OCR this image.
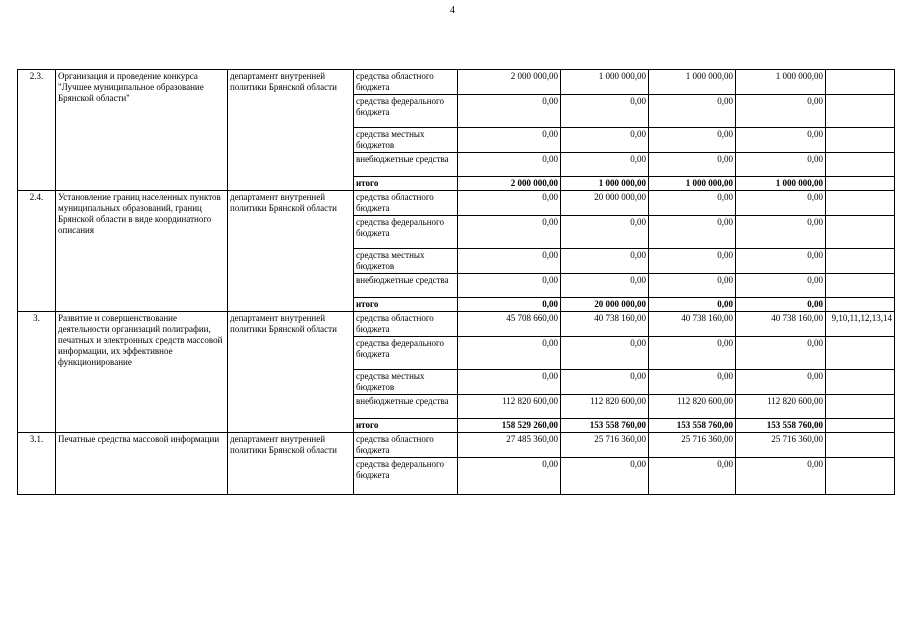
4
2.3.	Организация и проведение конкурса "Лучшее муниципальное образование Брянской области"	департамент внутренней политики Брянской области	средства областного бюджета	2 000 000,00	1 000 000,00	1 000 000,00	1 000 000,00	
			средства федерального бюджета	0,00	0,00	0,00	0,00	
			средства местных бюджетов	0,00	0,00	0,00	0,00	
			внебюджетные средства	0,00	0,00	0,00	0,00	
			итого	2 000 000,00	1 000 000,00	1 000 000,00	1 000 000,00	
2.4.	Установление границ населенных пунктов муниципальных образований, границ Брянской области в виде координатного описания	департамент внутренней политики Брянской области	средства областного бюджета	0,00	20 000 000,00	0,00	0,00	
			средства федерального бюджета	0,00	0,00	0,00	0,00	
			средства местных бюджетов	0,00	0,00	0,00	0,00	
			внебюджетные средства	0,00	0,00	0,00	0,00	
			итого	0,00	20 000 000,00	0,00	0,00	
3.	Развитие и совершенствование деятельности организаций полиграфии, печатных и электронных средств массовой информации, их эффективное функционирование	департамент внутренней политики Брянской области	средства областного бюджета	45 708 660,00	40 738 160,00	40 738 160,00	40 738 160,00	9,10,11,12,13,14
			средства федерального бюджета	0,00	0,00	0,00	0,00	
			средства местных бюджетов	0,00	0,00	0,00	0,00	
			внебюджетные средства	112 820 600,00	112 820 600,00	112 820 600,00	112 820 600,00	
			итого	158 529 260,00	153 558 760,00	153 558 760,00	153 558 760,00	
3.1.	Печатные средства массовой информации	департамент внутренней политики Брянской области	средства областного бюджета	27 485 360,00	25 716 360,00	25 716 360,00	25 716 360,00	
			средства федерального бюджета	0,00	0,00	0,00	0,00	
